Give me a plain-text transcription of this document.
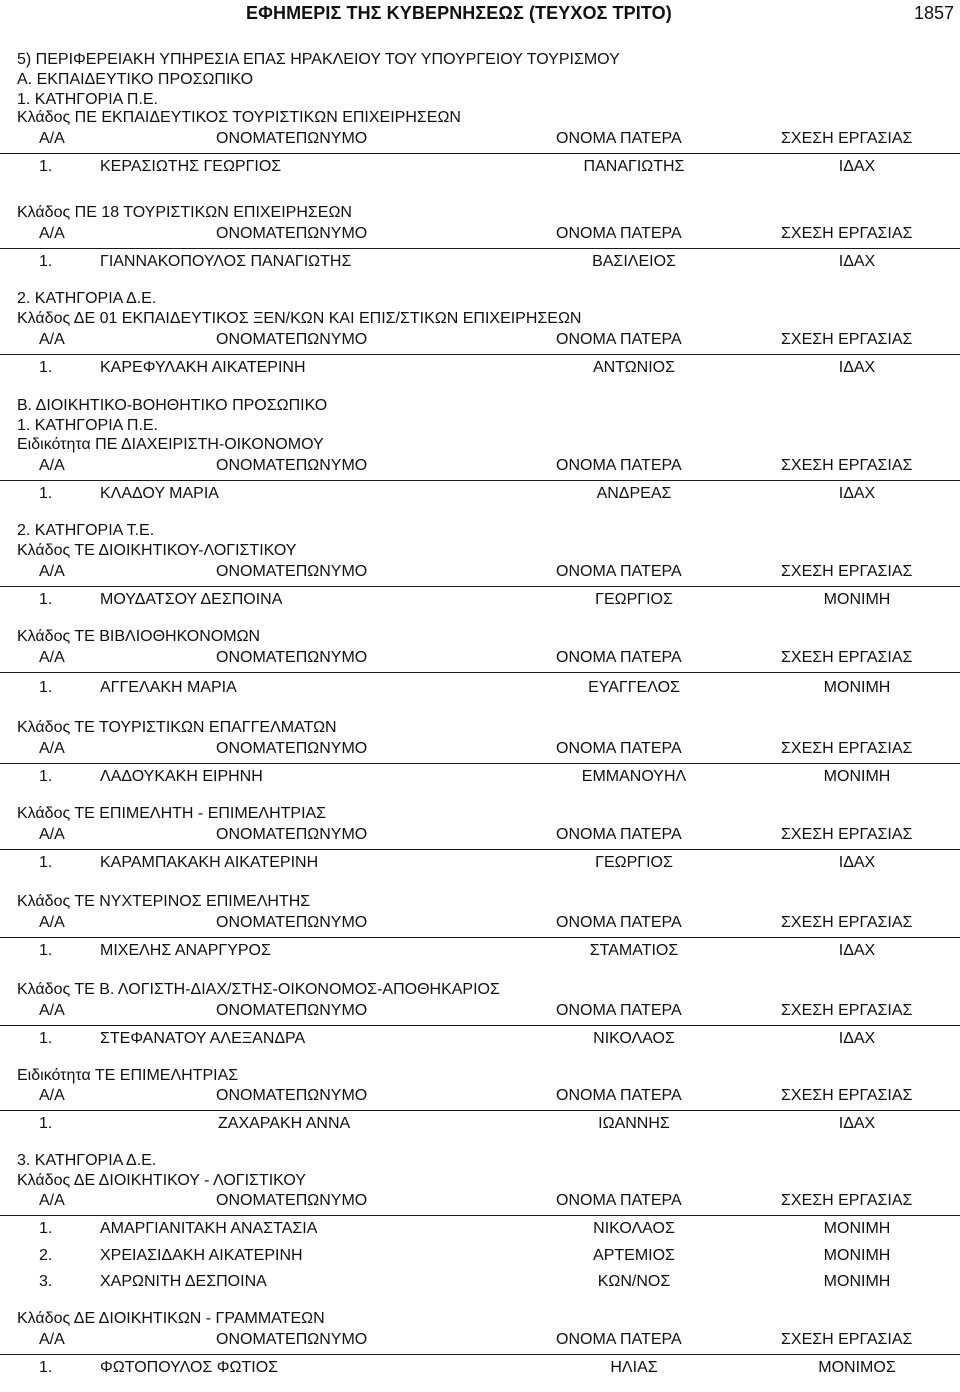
ΕΦΗΜΕΡΙΣ ΤΗΣ ΚΥΒΕΡΝΗΣΕΩΣ (ΤΕΥΧΟΣ ΤΡΙΤΟ)	1857
5) ΠΕΡΙΦΕΡΕΙΑΚΗ ΥΠΗΡΕΣΙΑ ΕΠΑΣ ΗΡΑΚΛΕΙΟΥ ΤΟΥ ΥΠΟΥΡΓΕΙΟΥ ΤΟΥΡΙΣΜΟΥ
Α. ΕΚΠΑΙΔΕΥΤΙΚΟ ΠΡΟΣΩΠΙΚΟ
1. ΚΑΤΗΓΟΡΙΑ Π.Ε.
Κλάδος ΠΕ ΕΚΠΑΙΔΕΥΤΙΚΟΣ ΤΟΥΡΙΣΤΙΚΩΝ ΕΠΙΧΕΙΡΗΣΕΩΝ
Α/Α	ΟΝΟΜΑΤΕΠΩΝΥΜΟ	ΟΝΟΜΑ ΠΑΤΕΡΑ	ΣΧΕΣΗ ΕΡΓΑΣΙΑΣ
1.	ΚΕΡΑΣΙΩΤΗΣ ΓΕΩΡΓΙΟΣ	ΠΑΝΑΓΙΩΤΗΣ	ΙΔΑΧ
Κλάδος ΠΕ 18 ΤΟΥΡΙΣΤΙΚΩΝ ΕΠΙΧΕΙΡΗΣΕΩΝ
Α/Α	ΟΝΟΜΑΤΕΠΩΝΥΜΟ	ΟΝΟΜΑ ΠΑΤΕΡΑ	ΣΧΕΣΗ ΕΡΓΑΣΙΑΣ
1.	ΓΙΑΝΝΑΚΟΠΟΥΛΟΣ ΠΑΝΑΓΙΩΤΗΣ	ΒΑΣΙΛΕΙΟΣ	ΙΔΑΧ
2. ΚΑΤΗΓΟΡΙΑ Δ.Ε.
Κλάδος ΔΕ 01 ΕΚΠΑΙΔΕΥΤΙΚΟΣ ΞΕΝ/ΚΩΝ ΚΑΙ ΕΠΙΣ/ΣΤΙΚΩΝ ΕΠΙΧΕΙΡΗΣΕΩΝ
Α/Α	ΟΝΟΜΑΤΕΠΩΝΥΜΟ	ΟΝΟΜΑ ΠΑΤΕΡΑ	ΣΧΕΣΗ ΕΡΓΑΣΙΑΣ
1.	ΚΑΡΕΦΥΛΑΚΗ ΑΙΚΑΤΕΡΙΝΗ	ΑΝΤΩΝΙΟΣ	ΙΔΑΧ
Β. ΔΙΟΙΚΗΤΙΚΟ-ΒΟΗΘΗΤΙΚΟ ΠΡΟΣΩΠΙΚΟ
1. ΚΑΤΗΓΟΡΙΑ Π.Ε.
Ειδικότητα ΠΕ ΔΙΑΧΕΙΡΙΣΤΗ-ΟΙΚΟΝΟΜΟΥ
Α/Α	ΟΝΟΜΑΤΕΠΩΝΥΜΟ	ΟΝΟΜΑ ΠΑΤΕΡΑ	ΣΧΕΣΗ ΕΡΓΑΣΙΑΣ
1.	ΚΛΑΔΟΥ ΜΑΡΙΑ	ΑΝΔΡΕΑΣ	ΙΔΑΧ
2. ΚΑΤΗΓΟΡΙΑ Τ.Ε.
Κλάδος ΤΕ ΔΙΟΙΚΗΤΙΚΟΥ-ΛΟΓΙΣΤΙΚΟΥ
Α/Α	ΟΝΟΜΑΤΕΠΩΝΥΜΟ	ΟΝΟΜΑ ΠΑΤΕΡΑ	ΣΧΕΣΗ ΕΡΓΑΣΙΑΣ
1.	ΜΟΥΔΑΤΣΟΥ ΔΕΣΠΟΙΝΑ	ΓΕΩΡΓΙΟΣ	ΜΟΝΙΜΗ
Κλάδος ΤΕ ΒΙΒΛΙΟΘΗΚΟΝΟΜΩΝ
Α/Α	ΟΝΟΜΑΤΕΠΩΝΥΜΟ	ΟΝΟΜΑ ΠΑΤΕΡΑ	ΣΧΕΣΗ ΕΡΓΑΣΙΑΣ
1.	ΑΓΓΕΛΑΚΗ ΜΑΡΙΑ	ΕΥΑΓΓΕΛΟΣ	ΜΟΝΙΜΗ
Κλάδος ΤΕ ΤΟΥΡΙΣΤΙΚΩΝ ΕΠΑΓΓΕΛΜΑΤΩΝ
Α/Α	ΟΝΟΜΑΤΕΠΩΝΥΜΟ	ΟΝΟΜΑ ΠΑΤΕΡΑ	ΣΧΕΣΗ ΕΡΓΑΣΙΑΣ
1.	ΛΑΔΟΥΚΑΚΗ ΕΙΡΗΝΗ	ΕΜΜΑΝΟΥΗΛ	ΜΟΝΙΜΗ
Κλάδος ΤΕ ΕΠΙΜΕΛΗΤΗ - ΕΠΙΜΕΛΗΤΡΙΑΣ
Α/Α	ΟΝΟΜΑΤΕΠΩΝΥΜΟ	ΟΝΟΜΑ ΠΑΤΕΡΑ	ΣΧΕΣΗ ΕΡΓΑΣΙΑΣ
1.	ΚΑΡΑΜΠΑΚΑΚΗ ΑΙΚΑΤΕΡΙΝΗ	ΓΕΩΡΓΙΟΣ	ΙΔΑΧ
Κλάδος ΤΕ ΝΥΧΤΕΡΙΝΟΣ ΕΠΙΜΕΛΗΤΗΣ
Α/Α	ΟΝΟΜΑΤΕΠΩΝΥΜΟ	ΟΝΟΜΑ ΠΑΤΕΡΑ	ΣΧΕΣΗ ΕΡΓΑΣΙΑΣ
1.	ΜΙΧΕΛΗΣ ΑΝΑΡΓΥΡΟΣ	ΣΤΑΜΑΤΙΟΣ	ΙΔΑΧ
Κλάδος ΤΕ Β. ΛΟΓΙΣΤΗ-ΔΙΑΧ/ΣΤΗΣ-ΟΙΚΟΝΟΜΟΣ-ΑΠΟΘΗΚΑΡΙΟΣ
Α/Α	ΟΝΟΜΑΤΕΠΩΝΥΜΟ	ΟΝΟΜΑ ΠΑΤΕΡΑ	ΣΧΕΣΗ ΕΡΓΑΣΙΑΣ
1.	ΣΤΕΦΑΝΑΤΟΥ ΑΛΕΞΑΝΔΡΑ	ΝΙΚΟΛΑΟΣ	ΙΔΑΧ
Ειδικότητα ΤΕ ΕΠΙΜΕΛΗΤΡΙΑΣ
Α/Α	ΟΝΟΜΑΤΕΠΩΝΥΜΟ	ΟΝΟΜΑ ΠΑΤΕΡΑ	ΣΧΕΣΗ ΕΡΓΑΣΙΑΣ
1.	ΖΑΧΑΡΑΚΗ ΑΝΝΑ	ΙΩΑΝΝΗΣ	ΙΔΑΧ
3. ΚΑΤΗΓΟΡΙΑ Δ.Ε.
Κλάδος ΔΕ ΔΙΟΙΚΗΤΙΚΟΥ - ΛΟΓΙΣΤΙΚΟΥ
Α/Α	ΟΝΟΜΑΤΕΠΩΝΥΜΟ	ΟΝΟΜΑ ΠΑΤΕΡΑ	ΣΧΕΣΗ ΕΡΓΑΣΙΑΣ
1.	ΑΜΑΡΓΙΑΝΙΤΑΚΗ ΑΝΑΣΤΑΣΙΑ	ΝΙΚΟΛΑΟΣ	ΜΟΝΙΜΗ
2.	ΧΡΕΙΑΣΙΔΑΚΗ ΑΙΚΑΤΕΡΙΝΗ	ΑΡΤΕΜΙΟΣ	ΜΟΝΙΜΗ
3.	ΧΑΡΩΝΙΤΗ ΔΕΣΠΟΙΝΑ	ΚΩΝ/ΝΟΣ	ΜΟΝΙΜΗ
Κλάδος ΔΕ ΔΙΟΙΚΗΤΙΚΩΝ - ΓΡΑΜΜΑΤΕΩΝ
Α/Α	ΟΝΟΜΑΤΕΠΩΝΥΜΟ	ΟΝΟΜΑ ΠΑΤΕΡΑ	ΣΧΕΣΗ ΕΡΓΑΣΙΑΣ
1.	ΦΩΤΟΠΟΥΛΟΣ ΦΩΤΙΟΣ	ΗΛΙΑΣ	ΜΟΝΙΜΟΣ
